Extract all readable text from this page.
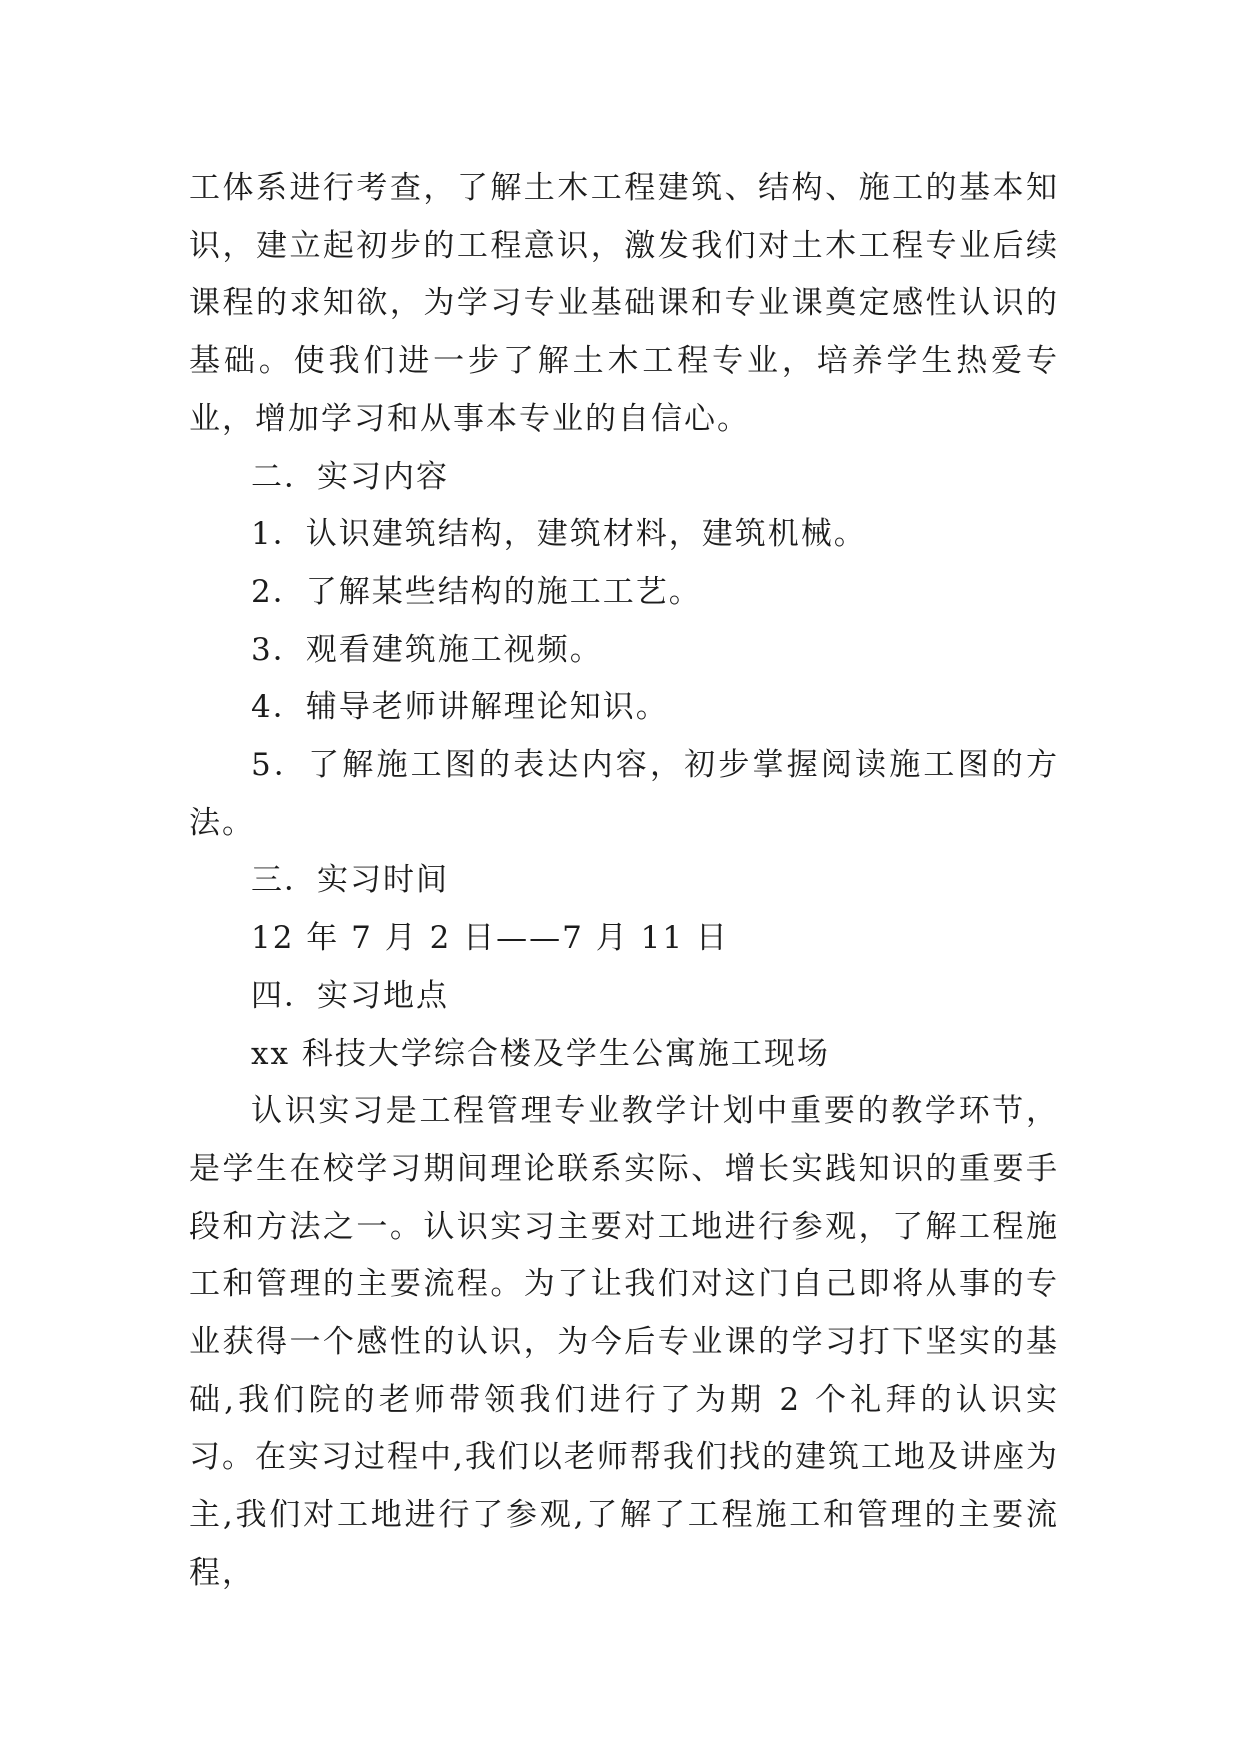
工体系进行考查，了解土木工程建筑、结构、施工的基本知识，建立起初步的工程意识，激发我们对土木工程专业后续课程的求知欲，为学习专业基础课和专业课奠定感性认识的基础。使我们进一步了解土木工程专业，培养学生热爱专业，增加学习和从事本专业的自信心。

二．实习内容

1．认识建筑结构，建筑材料，建筑机械。

2．了解某些结构的施工工艺。

3．观看建筑施工视频。

4．辅导老师讲解理论知识。

5．了解施工图的表达内容，初步掌握阅读施工图的方法。

三．实习时间

12 年 7 月 2 日——7 月 11 日

四．实习地点

xx 科技大学综合楼及学生公寓施工现场

认识实习是工程管理专业教学计划中重要的教学环节，是学生在校学习期间理论联系实际、增长实践知识的重要手段和方法之一。认识实习主要对工地进行参观，了解工程施工和管理的主要流程。为了让我们对这门自己即将从事的专业获得一个感性的认识，为今后专业课的学习打下坚实的基础,我们院的老师带领我们进行了为期 2 个礼拜的认识实习。在实习过程中,我们以老师帮我们找的建筑工地及讲座为主,我们对工地进行了参观,了解了工程施工和管理的主要流程，
